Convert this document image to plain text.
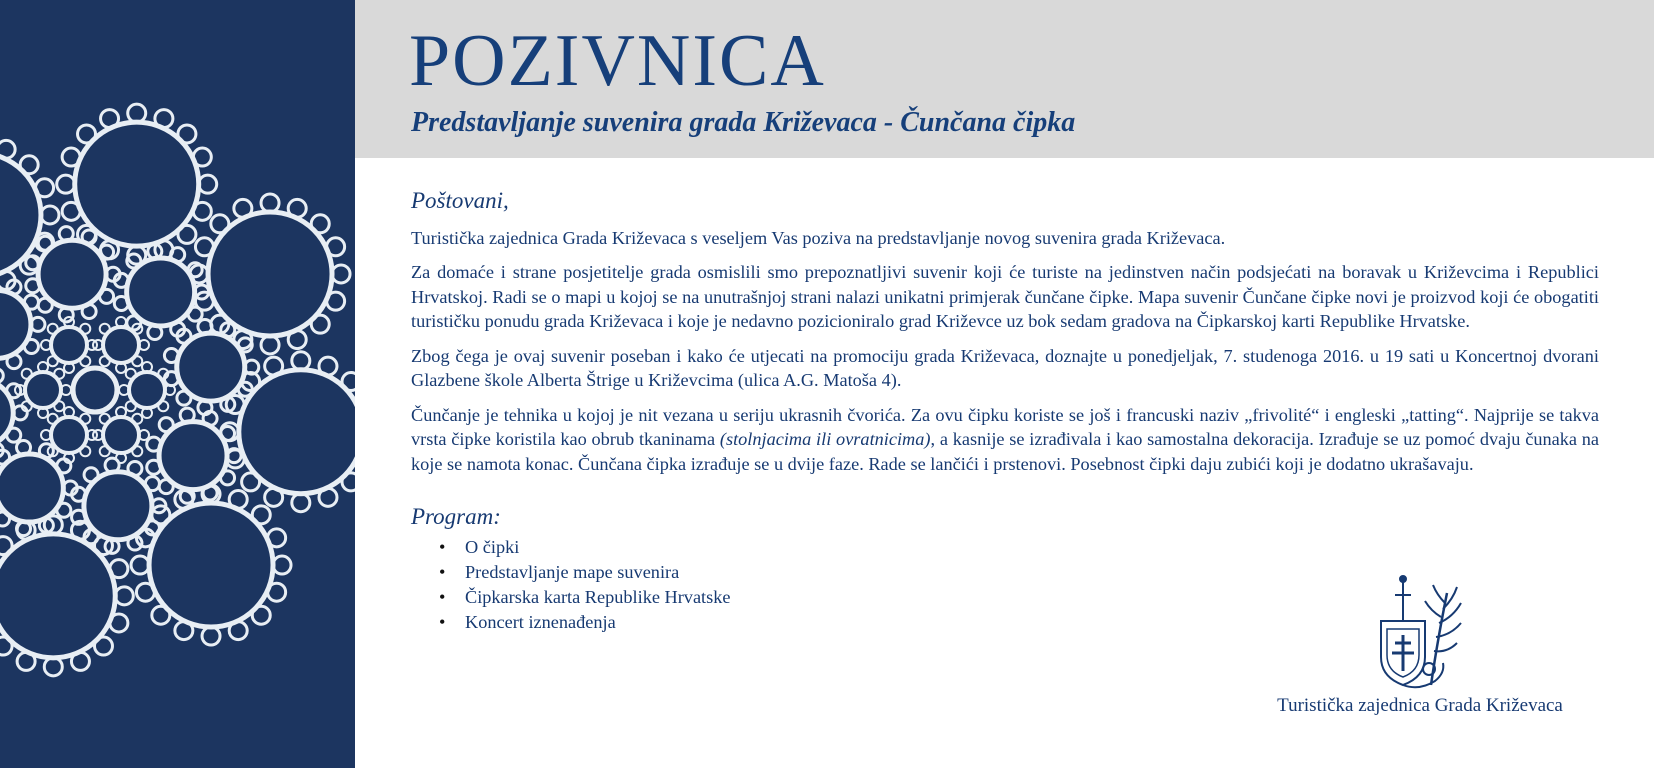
POZIVNICA
Predstavljanje suvenira grada Križevaca - Čunčana čipka
Poštovani,

Turistička zajednica Grada Križevaca s veseljem Vas poziva na predstavljanje novog suvenira grada Križevaca.

Za domaće i strane posjetitelje grada osmislili smo prepoznatljivi suvenir koji će turiste na jedinstven način podsjećati na boravak u Križevcima i Republici Hrvatskoj. Radi se o mapi u kojoj se na unutrašnjoj strani nalazi unikatni primjerak čunčane čipke. Mapa suvenir Čunčane čipke novi je proizvod koji će obogatiti turističku ponudu grada Križevaca i koje je nedavno pozicioniralo grad Križevce uz bok sedam gradova na Čipkarskoj karti Republike Hrvatske.

Zbog čega je ovaj suvenir poseban i kako će utjecati na promociju grada Križevaca, doznajte u ponedjeljak, 7. studenoga 2016. u 19 sati u Koncertnoj dvorani Glazbene škole Alberta Štrige u Križevcima (ulica A.G. Matoša 4).

Čunčanje je tehnika u kojoj je nit vezana u seriju ukrasnih čvorića. Za ovu čipku koriste se još i francuski naziv „frivolité“ i engleski „tatting“. Najprije se takva vrsta čipke koristila kao obrub tkaninama (stolnjacima ili ovratnicima), a kasnije se izrađivala i kao samostalna dekoracija. Izrađuje se uz pomoć dvaju čunaka na koje se namota konac. Čunčana čipka izrađuje se u dvije faze. Rade se lančići i prstenovi. Posebnost čipki daju zubići koji je dodatno ukrašavaju.

Program:
• O čipki
• Predstavljanje mape suvenira
• Čipkarska karta Republike Hrvatske
• Koncert iznenađenja
Turistička zajednica Grada Križevaca
